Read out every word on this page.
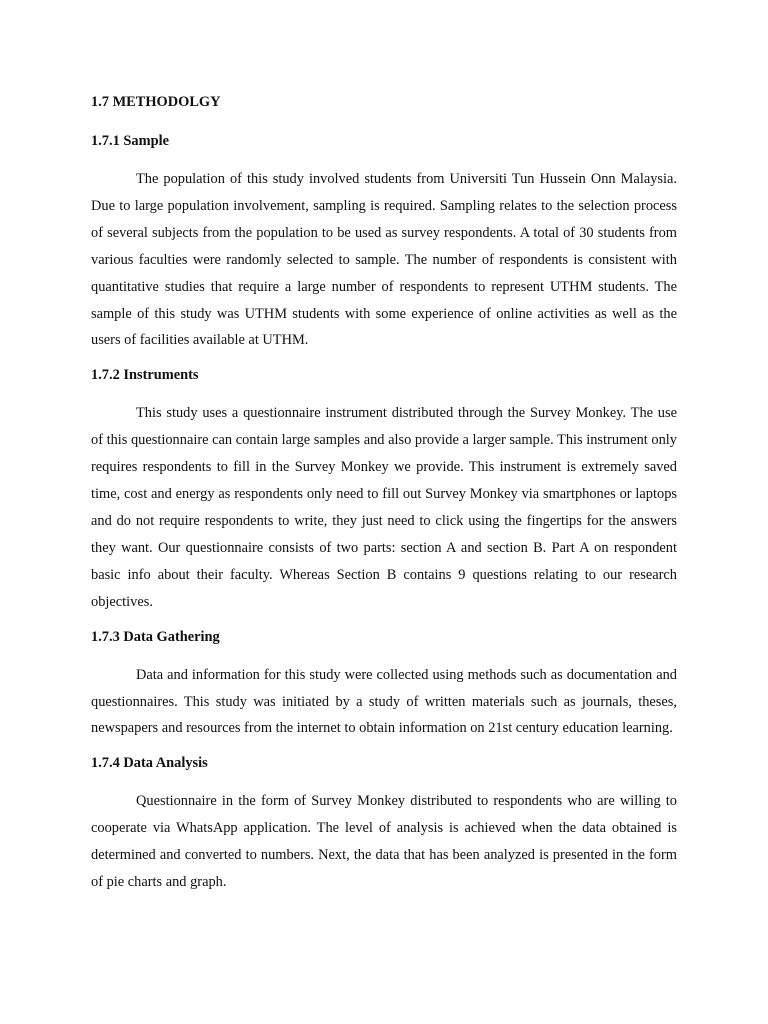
1.7 METHODOLGY
1.7.1 Sample

The population of this study involved students from Universiti Tun Hussein Onn Malaysia. Due to large population involvement, sampling is required. Sampling relates to the selection process of several subjects from the population to be used as survey respondents. A total of 30 students from various faculties were randomly selected to sample. The number of respondents is consistent with quantitative studies that require a large number of respondents to represent UTHM students. The sample of this study was UTHM students with some experience of online activities as well as the users of facilities available at UTHM.

1.7.2 Instruments

This study uses a questionnaire instrument distributed through the Survey Monkey. The use of this questionnaire can contain large samples and also provide a larger sample. This instrument only requires respondents to fill in the Survey Monkey we provide. This instrument is extremely saved time, cost and energy as respondents only need to fill out Survey Monkey via smartphones or laptops and do not require respondents to write, they just need to click using the fingertips for the answers they want. Our questionnaire consists of two parts: section A and section B. Part A on respondent basic info about their faculty. Whereas Section B contains 9 questions relating to our research objectives.

1.7.3 Data Gathering

Data and information for this study were collected using methods such as documentation and questionnaires. This study was initiated by a study of written materials such as journals, theses, newspapers and resources from the internet to obtain information on 21st century education learning.

1.7.4 Data Analysis

Questionnaire in the form of Survey Monkey distributed to respondents who are willing to cooperate via WhatsApp application. The level of analysis is achieved when the data obtained is determined and converted to numbers. Next, the data that has been analyzed is presented in the form of pie charts and graph.
